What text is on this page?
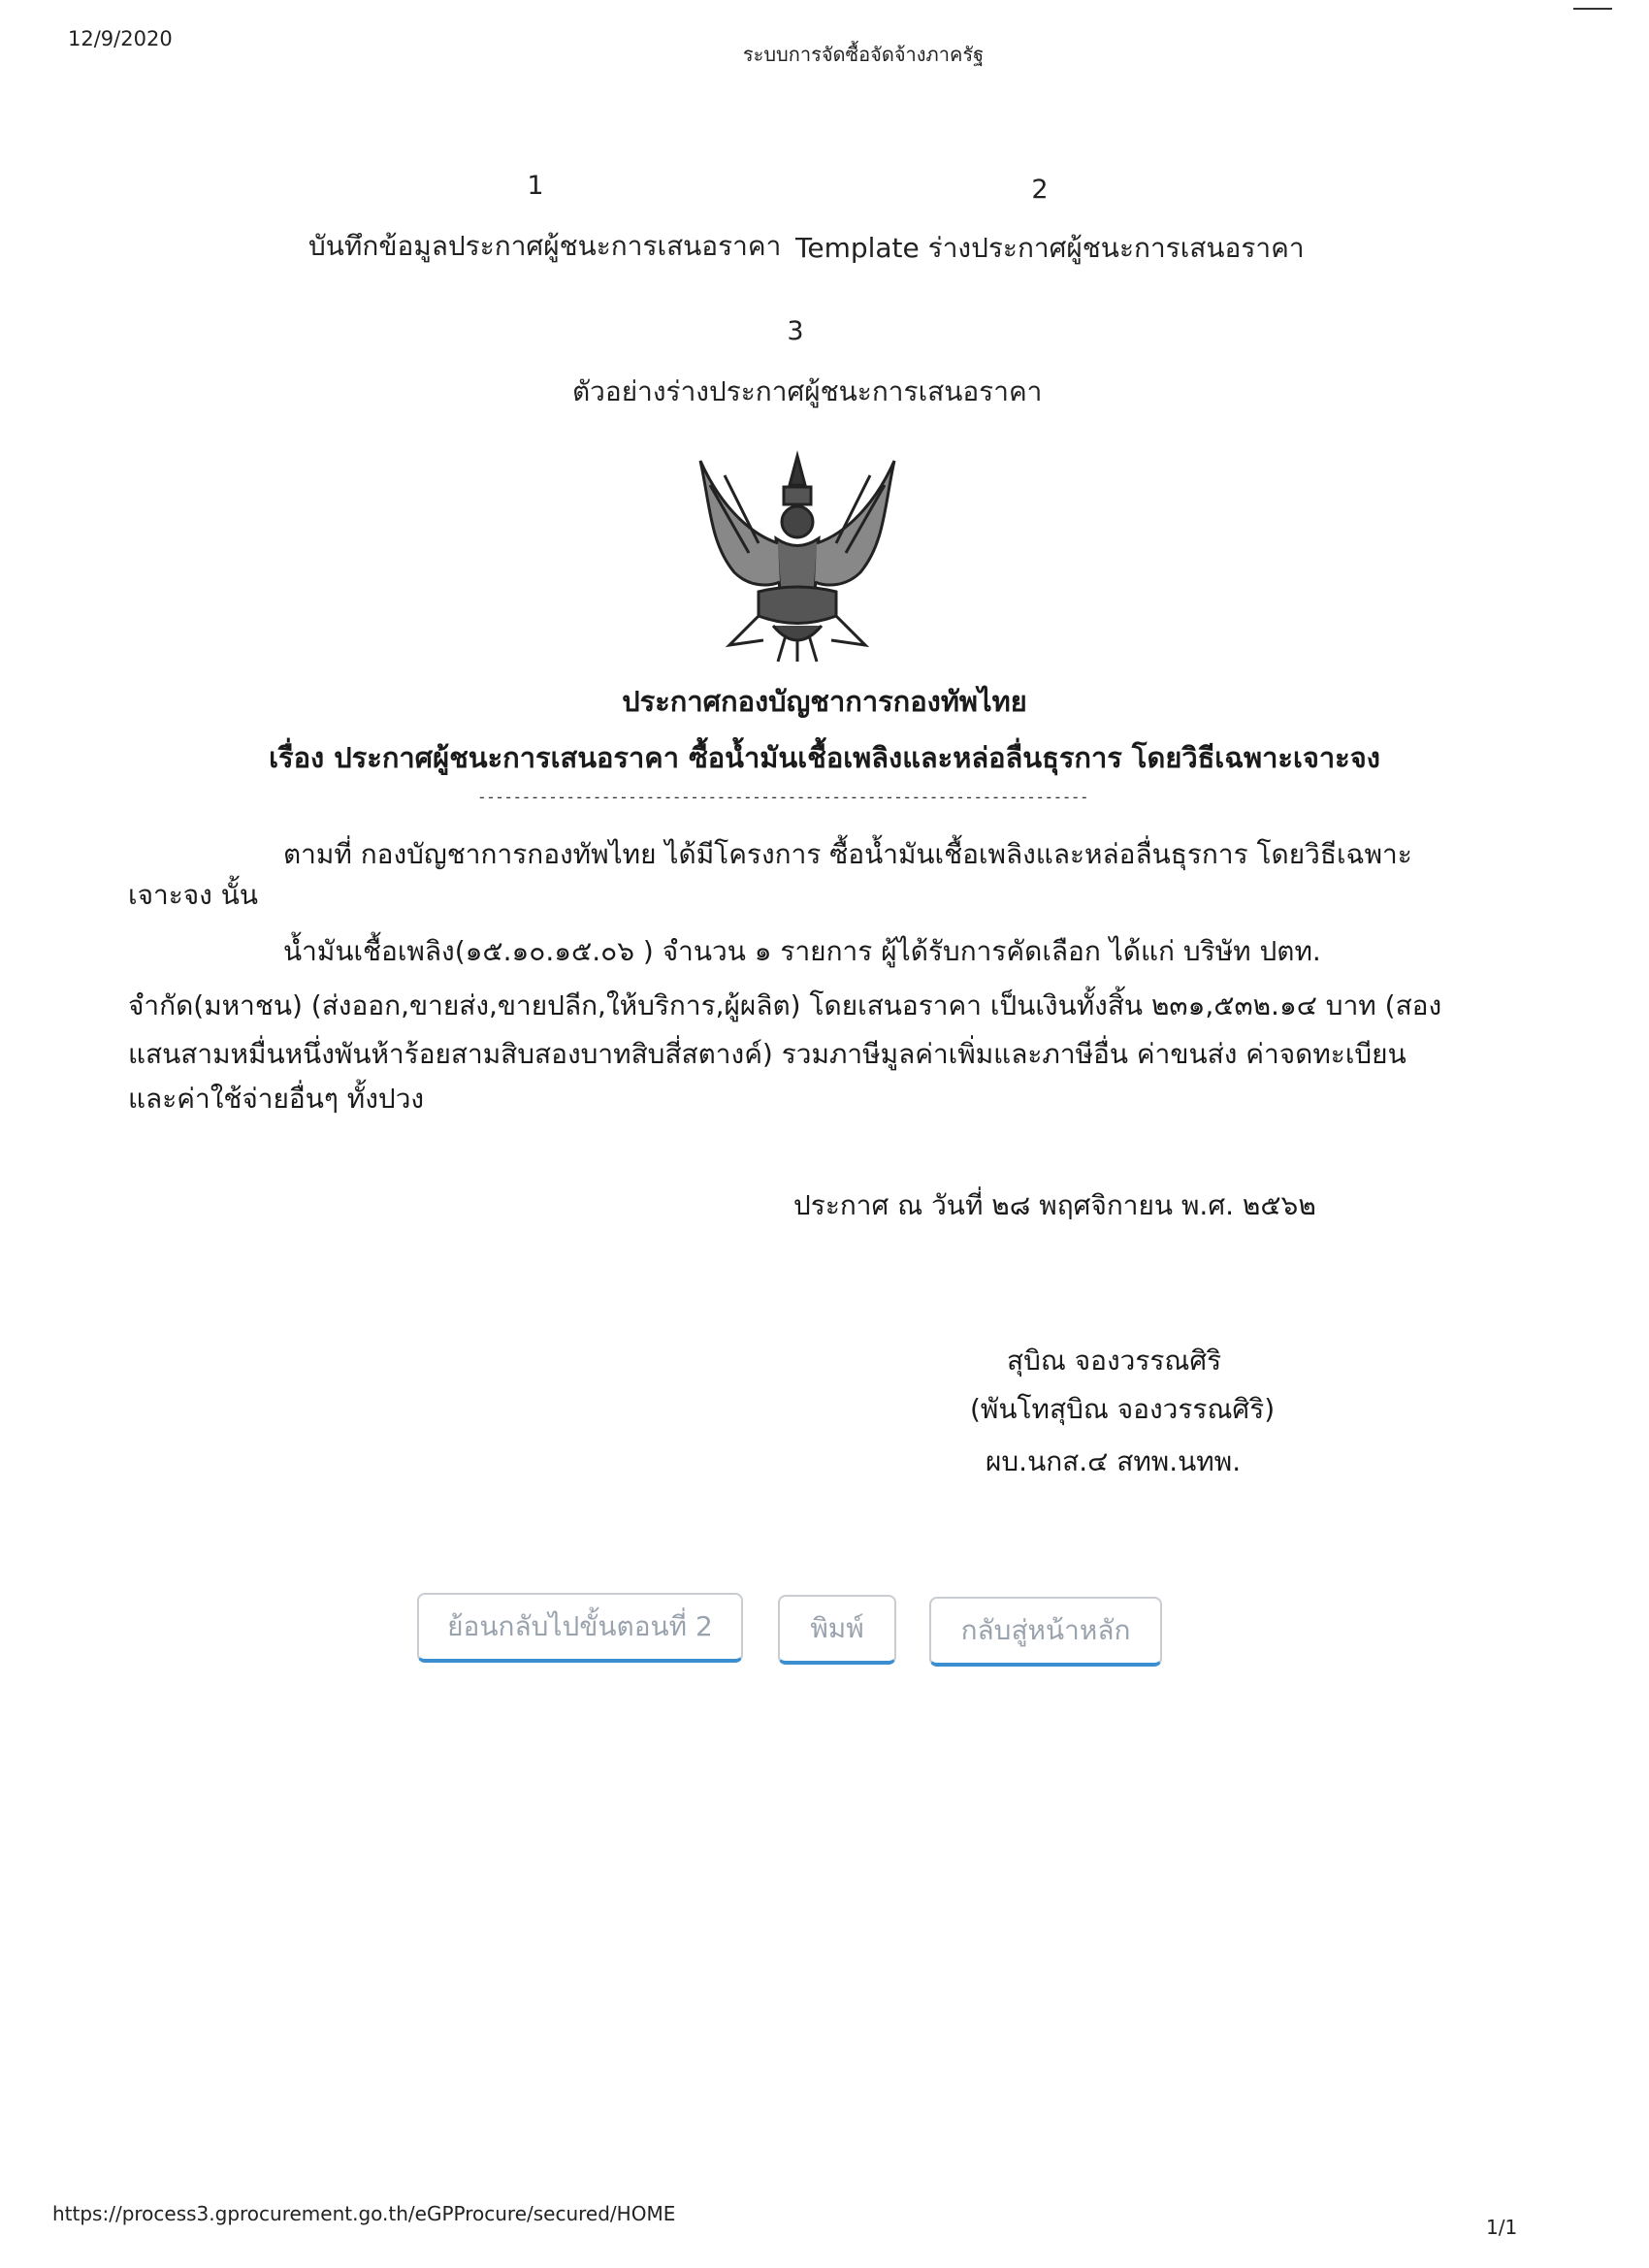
12/9/2020
ระบบการจัดซื้อจัดจ้างภาครัฐ
1	2
บันทึกข้อมูลประกาศผู้ชนะการเสนอราคา Template ร่างประกาศผู้ชนะการเสนอราคา
3
ตัวอย่างร่างประกาศผู้ชนะการเสนอราคา
ประกาศกองบัญชาการกองทัพไทย
เรื่อง ประกาศผู้ชนะการเสนอราคา ซื้อน้ำมันเชื้อเพลิงและหล่อลื่นธุรการ โดยวิธีเฉพาะเจาะจง
---------------------------------------------------------------------
ตามที่ กองบัญชาการกองทัพไทย ได้มีโครงการ ซื้อน้ำมันเชื้อเพลิงและหล่อลื่นธุรการ โดยวิธีเฉพาะ
เจาะจง นั้น
น้ำมันเชื้อเพลิง(๑๕.๑๐.๑๕.๐๖ ) จำนวน ๑ รายการ ผู้ได้รับการคัดเลือก ได้แก่ บริษัท ปตท.
จำกัด(มหาชน) (ส่งออก,ขายส่ง,ขายปลีก,ให้บริการ,ผู้ผลิต) โดยเสนอราคา เป็นเงินทั้งสิ้น ๒๓๑,๕๓๒.๑๔ บาท (สอง
แสนสามหมื่นหนึ่งพันห้าร้อยสามสิบสองบาทสิบสี่สตางค์) รวมภาษีมูลค่าเพิ่มและภาษีอื่น ค่าขนส่ง ค่าจดทะเบียน
และค่าใช้จ่ายอื่นๆ ทั้งปวง
ประกาศ ณ วันที่ ๒๘ พฤศจิกายน พ.ศ. ๒๕๖๒
สุบิณ จองวรรณศิริ
(พันโทสุบิณ จองวรรณศิริ)
ผบ.นกส.๔ สทพ.นทพ.
ย้อนกลับไปขั้นตอนที่ 2	พิมพ์	กลับสู่หน้าหลัก
https://process3.gprocurement.go.th/eGPProcure/secured/HOME
1/1
